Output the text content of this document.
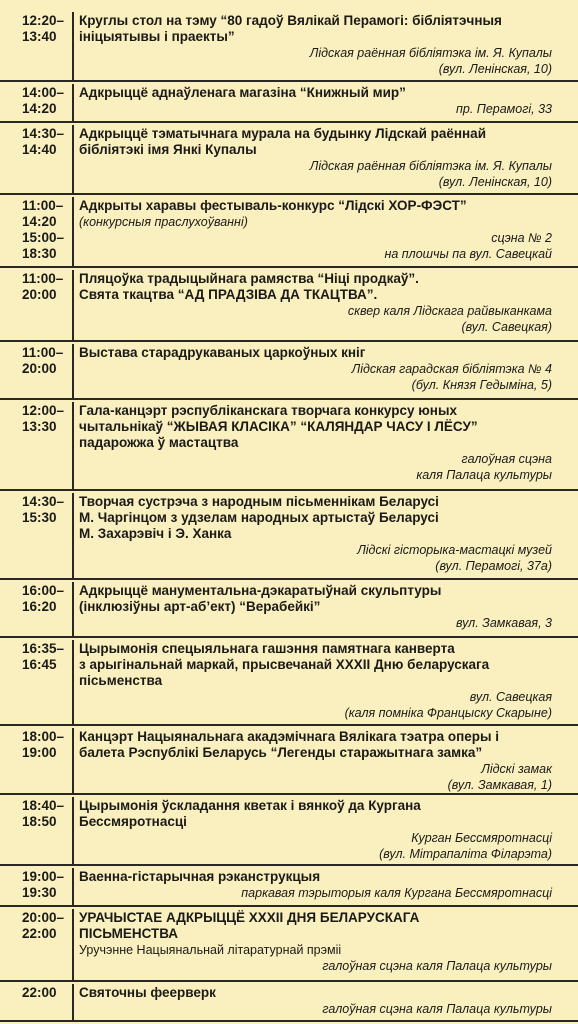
12:20–
13:40
Круглы стол на тэму “80 гадоў Вялікай Перамогі: бібліятэчныя
ініцыятывы і праекты”
Лідская раённая бібліятэка ім. Я. Купалы
(вул. Ленінская, 10)
14:00–
14:20
Адкрыццё аднаўленага магазіна “Книжный мир”
пр. Перамогі, 33
14:30–
14:40
Адкрыццё тэматычнага мурала на будынку Лідскай раённай
бібліятэкі імя Янкі Купалы
Лідская раённая бібліятэка ім. Я. Купалы
(вул. Ленінская, 10)
11:00–
14:20
15:00–
18:30
Адкрыты харавы фестываль-конкурс “Лідскі ХОР-ФЭСТ”
(конкурсныя праслухоўванні)
сцэна № 2
на плошчы па вул. Савецкай
11:00–
20:00
Пляцоўка традыцыйнага рамяства “Ніці продкаў”.
Свята ткацтва “АД ПРАДЗІВА ДА ТКАЦТВА”.
сквер каля Лідскага райвыканкама
(вул. Савецкая)
11:00–
20:00
Выстава старадрукаваных царкоўных кніг
Лідская гарадская бібліятэка № 4
(бул. Князя Гедыміна, 5)
12:00–
13:30
Гала-канцэрт рэспубліканскага творчага конкурсу юных
чытальнікаў “ЖЫВАЯ КЛАСІКА” “КАЛЯНДАР ЧАСУ І ЛЁСУ”
падарожжа ў мастацтва
галоўная сцэна
каля Палаца культуры
14:30–
15:30
Творчая сустрэча з народным пісьменнікам Беларусі
М. Чаргінцом з удзелам народных артыстаў Беларусі
М. Захарэвіч і Э. Ханка
Лідскі гісторыка-мастацкі музей
(вул. Перамогі, 37а)
16:00–
16:20
Адкрыццё манументальна-дэкаратыўнай скульптуры
(інклюзіўны арт-аб’ект) “Верабейкі”
вул. Замкавая, 3
16:35–
16:45
Цырымонія спецыяльнага гашэння памятнага канверта
з арыгінальнай маркай, прысвечанай XXXII Дню беларускага
пісьменства
вул. Савецкая
(каля помніка Францыску Скарыне)
18:00–
19:00
Канцэрт Нацыянальнага акадэмічнага Вялікага тэатра оперы і
балета Рэспублікі Беларусь “Легенды старажытнага замка”
Лідскі замак
(вул. Замкавая, 1)
18:40–
18:50
Цырымонія ўскладання кветак і вянкоў да Кургана
Бессмяротнасці
Курган Бессмяротнасці
(вул. Мітрапаліта Філарэта)
19:00–
19:30
Ваенна-гістарычная рэканструкцыя
паркавая тэрыторыя каля Кургана Бессмяротнасці
20:00–
22:00
УРАЧЫСТАЕ АДКРЫЦЦЁ XXXII ДНЯ БЕЛАРУСКАГА
ПІСЬМЕНСТВА
Уручэнне Нацыянальнай літаратурнай прэміі
галоўная сцэна каля Палаца культуры
22:00	Святочны феерверк
галоўная сцэна каля Палаца культуры
